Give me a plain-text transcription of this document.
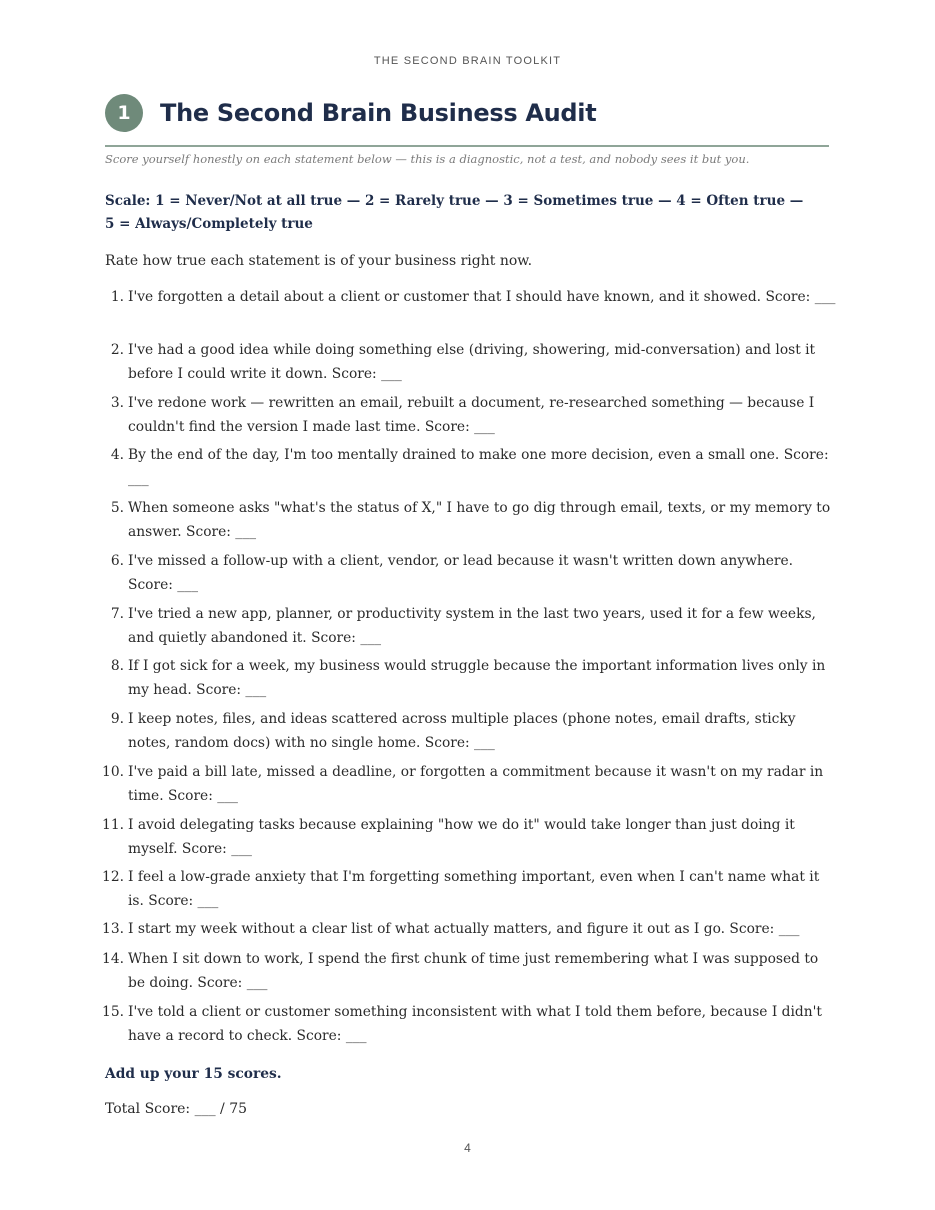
THE SECOND BRAIN TOOLKIT
1	The Second Brain Business Audit
Score yourself honestly on each statement below — this is a diagnostic, not a test, and nobody sees it but you.
Scale: 1 = Never/Not at all true — 2 = Rarely true — 3 = Sometimes true — 4 = Often true — 5 = Always/Completely true
Rate how true each statement is of your business right now.
1. I've forgotten a detail about a client or customer that I should have known, and it showed. Score: ___
2. I've had a good idea while doing something else (driving, showering, mid-conversation) and lost it before I could write it down. Score: ___
3. I've redone work — rewritten an email, rebuilt a document, re-researched something — because I couldn't find the version I made last time. Score: ___
4. By the end of the day, I'm too mentally drained to make one more decision, even a small one. Score: ___
5. When someone asks "what's the status of X," I have to go dig through email, texts, or my memory to answer. Score: ___
6. I've missed a follow-up with a client, vendor, or lead because it wasn't written down anywhere. Score: ___
7. I've tried a new app, planner, or productivity system in the last two years, used it for a few weeks, and quietly abandoned it. Score: ___
8. If I got sick for a week, my business would struggle because the important information lives only in my head. Score: ___
9. I keep notes, files, and ideas scattered across multiple places (phone notes, email drafts, sticky notes, random docs) with no single home. Score: ___
10. I've paid a bill late, missed a deadline, or forgotten a commitment because it wasn't on my radar in time. Score: ___
11. I avoid delegating tasks because explaining "how we do it" would take longer than just doing it myself. Score: ___
12. I feel a low-grade anxiety that I'm forgetting something important, even when I can't name what it is. Score: ___
13. I start my week without a clear list of what actually matters, and figure it out as I go. Score: ___
14. When I sit down to work, I spend the first chunk of time just remembering what I was supposed to be doing. Score: ___
15. I've told a client or customer something inconsistent with what I told them before, because I didn't have a record to check. Score: ___
Add up your 15 scores.
Total Score: ___ / 75
4
